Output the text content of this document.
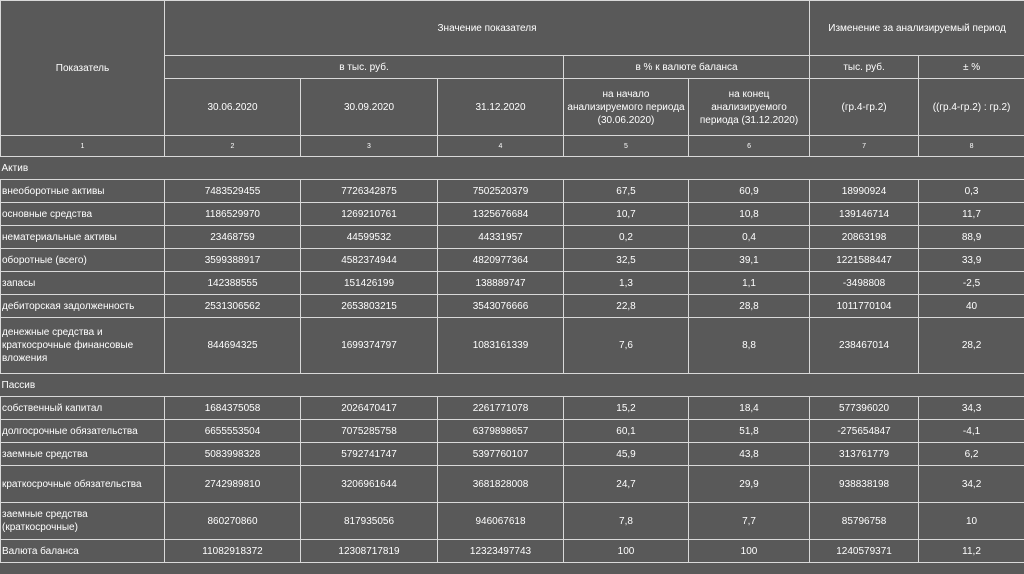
Показатель	Значение показателя					Изменение за анализируемый период	
	в тыс. руб.			в % к валюте баланса		тыс. руб.	± %
	30.06.2020	30.09.2020	31.12.2020	на начало анализируемого периода (30.06.2020)	на конец анализируемого периода (31.12.2020)	(гр.4-гр.2)	((гр.4-гр.2) : гр.2)
1	2	3	4	5	6	7	8
Актив							
внеоборотные активы	7483529455	7726342875	7502520379	67,5	60,9	18990924	0,3
основные средства	1186529970	1269210761	1325676684	10,7	10,8	139146714	11,7
нематериальные активы	23468759	44599532	44331957	0,2	0,4	20863198	88,9
оборотные (всего)	3599388917	4582374944	4820977364	32,5	39,1	1221588447	33,9
запасы	142388555	151426199	138889747	1,3	1,1	-3498808	-2,5
дебиторская задолженность	2531306562	2653803215	3543076666	22,8	28,8	1011770104	40
денежные средства и краткосрочные финансовые вложения	844694325	1699374797	1083161339	7,6	8,8	238467014	28,2
Пассив							
собственный капитал	1684375058	2026470417	2261771078	15,2	18,4	577396020	34,3
долгосрочные обязательства	6655553504	7075285758	6379898657	60,1	51,8	-275654847	-4,1
заемные средства	5083998328	5792741747	5397760107	45,9	43,8	313761779	6,2
краткосрочные обязательства	2742989810	3206961644	3681828008	24,7	29,9	938838198	34,2
заемные средства (краткосрочные)	860270860	817935056	946067618	7,8	7,7	85796758	10
Валюта баланса	11082918372	12308717819	12323497743	100	100	1240579371	11,2
